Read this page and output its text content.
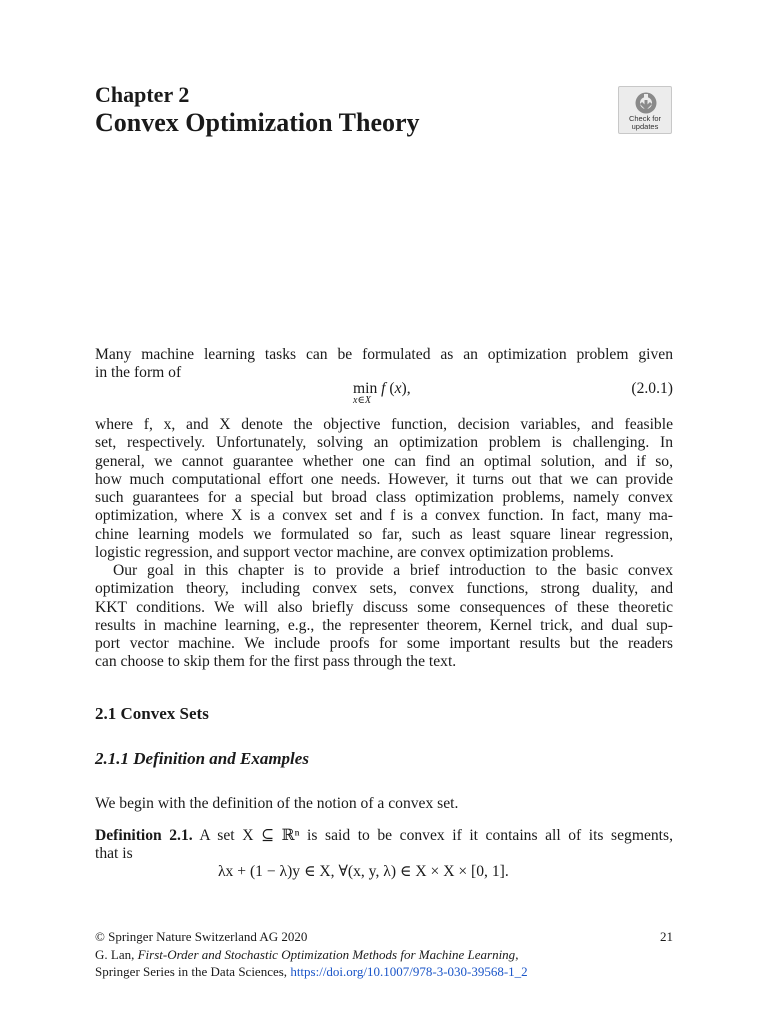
Chapter 2
Convex Optimization Theory	Check for
updates
Many machine learning tasks can be formulated as an optimization problem given
in the form of
min f (x),
x∈X
(2.0.1)
where f, x, and X denote the objective function, decision variables, and feasible
set, respectively. Unfortunately, solving an optimization problem is challenging. In
general, we cannot guarantee whether one can find an optimal solution, and if so,
how much computational effort one needs. However, it turns out that we can provide
such guarantees for a special but broad class optimization problems, namely convex
optimization, where X is a convex set and f is a convex function. In fact, many ma-
chine learning models we formulated so far, such as least square linear regression,
logistic regression, and support vector machine, are convex optimization problems.
Our goal in this chapter is to provide a brief introduction to the basic convex
optimization theory, including convex sets, convex functions, strong duality, and
KKT conditions. We will also briefly discuss some consequences of these theoretic
results in machine learning, e.g., the representer theorem, Kernel trick, and dual sup-
port vector machine. We include proofs for some important results but the readers
can choose to skip them for the first pass through the text.
2.1 Convex Sets
2.1.1 Definition and Examples
We begin with the definition of the notion of a convex set.
Definition 2.1. A set X ⊆ ℝⁿ is said to be convex if it contains all of its segments,
that is
λx + (1 − λ)y ∈ X, ∀(x, y, λ) ∈ X × X × [0, 1].
© Springer Nature Switzerland AG 2020	21
G. Lan, First-Order and Stochastic Optimization Methods for Machine Learning,
Springer Series in the Data Sciences, https://doi.org/10.1007/978-3-030-39568-1_2
